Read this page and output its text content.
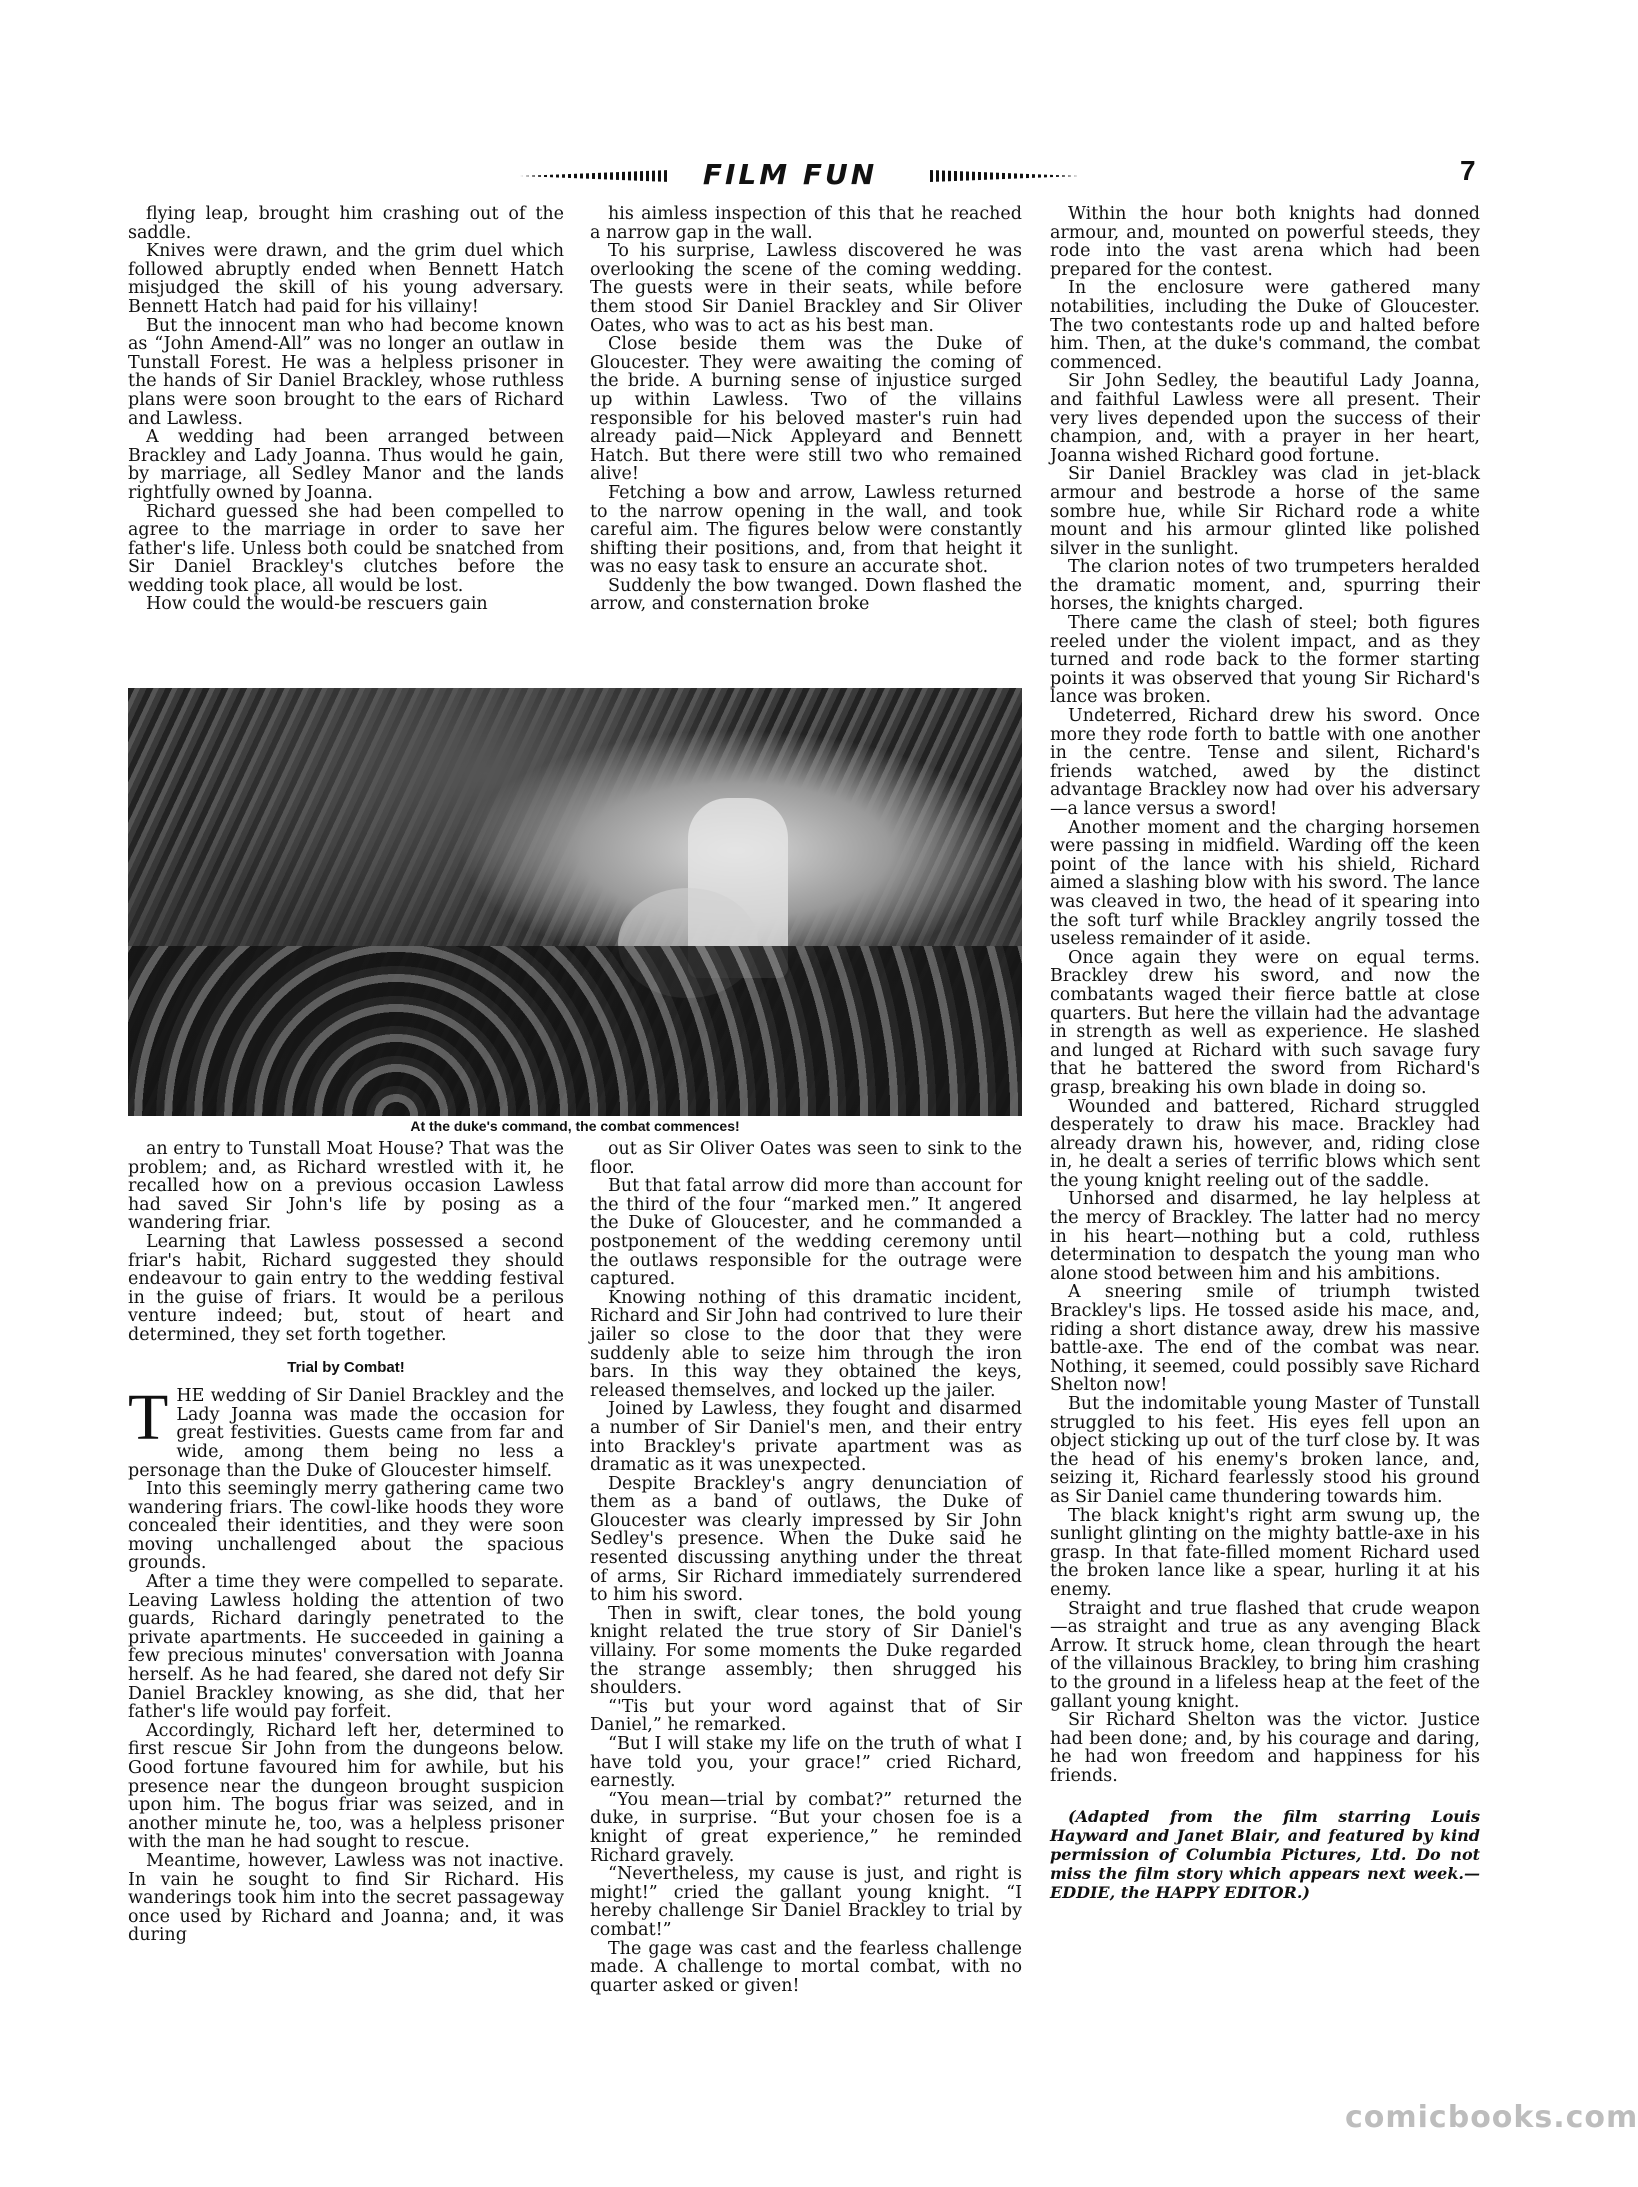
FILM FUN	7

flying leap, brought him crashing out of the saddle.

Knives were drawn, and the grim duel which followed abruptly ended when Bennett Hatch misjudged the skill of his young adversary. Bennett Hatch had paid for his villainy!

But the innocent man who had become known as “John Amend-All” was no longer an outlaw in Tunstall Forest. He was a helpless prisoner in the hands of Sir Daniel Brackley, whose ruthless plans were soon brought to the ears of Richard and Lawless.

A wedding had been arranged between Brackley and Lady Joanna. Thus would he gain, by marriage, all Sedley Manor and the lands rightfully owned by Joanna.

Richard guessed she had been compelled to agree to the marriage in order to save her father's life. Unless both could be snatched from Sir Daniel Brackley's clutches before the wedding took place, all would be lost.

How could the would-be rescuers gain

his aimless inspection of this that he reached a narrow gap in the wall.

To his surprise, Lawless discovered he was overlooking the scene of the coming wedding. The guests were in their seats, while before them stood Sir Daniel Brackley and Sir Oliver Oates, who was to act as his best man.

Close beside them was the Duke of Gloucester. They were awaiting the coming of the bride. A burning sense of injustice surged up within Lawless. Two of the villains responsible for his beloved master's ruin had already paid—Nick Appleyard and Bennett Hatch. But there were still two who remained alive!

Fetching a bow and arrow, Lawless returned to the narrow opening in the wall, and took careful aim. The figures below were constantly shifting their positions, and, from that height it was no easy task to ensure an accurate shot.

Suddenly the bow twanged. Down flashed the arrow, and consternation broke

At the duke's command, the combat commences!

an entry to Tunstall Moat House? That was the problem; and, as Richard wrestled with it, he recalled how on a previous occasion Lawless had saved Sir John's life by posing as a wandering friar.

Learning that Lawless possessed a second friar's habit, Richard suggested they should endeavour to gain entry to the wedding festival in the guise of friars. It would be a perilous venture indeed; but, stout of heart and determined, they set forth together.

Trial by Combat!

THE wedding of Sir Daniel Brackley and the Lady Joanna was made the occasion for great festivities. Guests came from far and wide, among them being no less a personage than the Duke of Gloucester himself.

Into this seemingly merry gathering came two wandering friars. The cowl-like hoods they wore concealed their identities, and they were soon moving unchallenged about the spacious grounds.

After a time they were compelled to separate. Leaving Lawless holding the attention of two guards, Richard daringly penetrated to the private apartments. He succeeded in gaining a few precious minutes' conversation with Joanna herself. As he had feared, she dared not defy Sir Daniel Brackley knowing, as she did, that her father's life would pay forfeit.

Accordingly, Richard left her, determined to first rescue Sir John from the dungeons below. Good fortune favoured him for awhile, but his presence near the dungeon brought suspicion upon him. The bogus friar was seized, and in another minute he, too, was a helpless prisoner with the man he had sought to rescue.

Meantime, however, Lawless was not inactive. In vain he sought to find Sir Richard. His wanderings took him into the secret passageway once used by Richard and Joanna; and, it was during

out as Sir Oliver Oates was seen to sink to the floor.

But that fatal arrow did more than account for the third of the four “marked men.” It angered the Duke of Gloucester, and he commanded a postponement of the wedding ceremony until the outlaws responsible for the outrage were captured.

Knowing nothing of this dramatic incident, Richard and Sir John had contrived to lure their jailer so close to the door that they were suddenly able to seize him through the iron bars. In this way they obtained the keys, released themselves, and locked up the jailer.

Joined by Lawless, they fought and disarmed a number of Sir Daniel's men, and their entry into Brackley's private apartment was as dramatic as it was unexpected.

Despite Brackley's angry denunciation of them as a band of outlaws, the Duke of Gloucester was clearly impressed by Sir John Sedley's presence. When the Duke said he resented discussing anything under the threat of arms, Sir Richard immediately surrendered to him his sword.

Then in swift, clear tones, the bold young knight related the true story of Sir Daniel's villainy. For some moments the Duke regarded the strange assembly; then shrugged his shoulders.

“'Tis but your word against that of Sir Daniel,” he remarked.

“But I will stake my life on the truth of what I have told you, your grace!” cried Richard, earnestly.

“You mean—trial by combat?” returned the duke, in surprise. “But your chosen foe is a knight of great experience,” he reminded Richard gravely.

“Nevertheless, my cause is just, and right is might!” cried the gallant young knight. “I hereby challenge Sir Daniel Brackley to trial by combat!”

The gage was cast and the fearless challenge made. A challenge to mortal combat, with no quarter asked or given!

Within the hour both knights had donned armour, and, mounted on powerful steeds, they rode into the vast arena which had been prepared for the contest.

In the enclosure were gathered many notabilities, including the Duke of Gloucester. The two contestants rode up and halted before him. Then, at the duke's command, the combat commenced.

Sir John Sedley, the beautiful Lady Joanna, and faithful Lawless were all present. Their very lives depended upon the success of their champion, and, with a prayer in her heart, Joanna wished Richard good fortune.

Sir Daniel Brackley was clad in jet-black armour and bestrode a horse of the same sombre hue, while Sir Richard rode a white mount and his armour glinted like polished silver in the sunlight.

The clarion notes of two trumpeters heralded the dramatic moment, and, spurring their horses, the knights charged.

There came the clash of steel; both figures reeled under the violent impact, and as they turned and rode back to the former starting points it was observed that young Sir Richard's lance was broken.

Undeterred, Richard drew his sword. Once more they rode forth to battle with one another in the centre. Tense and silent, Richard's friends watched, awed by the distinct advantage Brackley now had over his adversary—a lance versus a sword!

Another moment and the charging horsemen were passing in midfield. Warding off the keen point of the lance with his shield, Richard aimed a slashing blow with his sword. The lance was cleaved in two, the head of it spearing into the soft turf while Brackley angrily tossed the useless remainder of it aside.

Once again they were on equal terms. Brackley drew his sword, and now the combatants waged their fierce battle at close quarters. But here the villain had the advantage in strength as well as experience. He slashed and lunged at Richard with such savage fury that he battered the sword from Richard's grasp, breaking his own blade in doing so.

Wounded and battered, Richard struggled desperately to draw his mace. Brackley had already drawn his, however, and, riding close in, he dealt a series of terrific blows which sent the young knight reeling out of the saddle.

Unhorsed and disarmed, he lay helpless at the mercy of Brackley. The latter had no mercy in his heart—nothing but a cold, ruthless determination to despatch the young man who alone stood between him and his ambitions.

A sneering smile of triumph twisted Brackley's lips. He tossed aside his mace, and, riding a short distance away, drew his massive battle-axe. The end of the combat was near. Nothing, it seemed, could possibly save Richard Shelton now!

But the indomitable young Master of Tunstall struggled to his feet. His eyes fell upon an object sticking up out of the turf close by. It was the head of his enemy's broken lance, and, seizing it, Richard fearlessly stood his ground as Sir Daniel came thundering towards him.

The black knight's right arm swung up, the sunlight glinting on the mighty battle-axe in his grasp. In that fate-filled moment Richard used the broken lance like a spear, hurling it at his enemy.

Straight and true flashed that crude weapon—as straight and true as any avenging Black Arrow. It struck home, clean through the heart of the villainous Brackley, to bring him crashing to the ground in a lifeless heap at the feet of the gallant young knight.

Sir Richard Shelton was the victor. Justice had been done; and, by his courage and daring, he had won freedom and happiness for his friends.

(Adapted from the film starring Louis Hayward and Janet Blair, and featured by kind permission of Columbia Pictures, Ltd. Do not miss the film story which appears next week.—EDDIE, the HAPPY EDITOR.)

comicbooks.com
